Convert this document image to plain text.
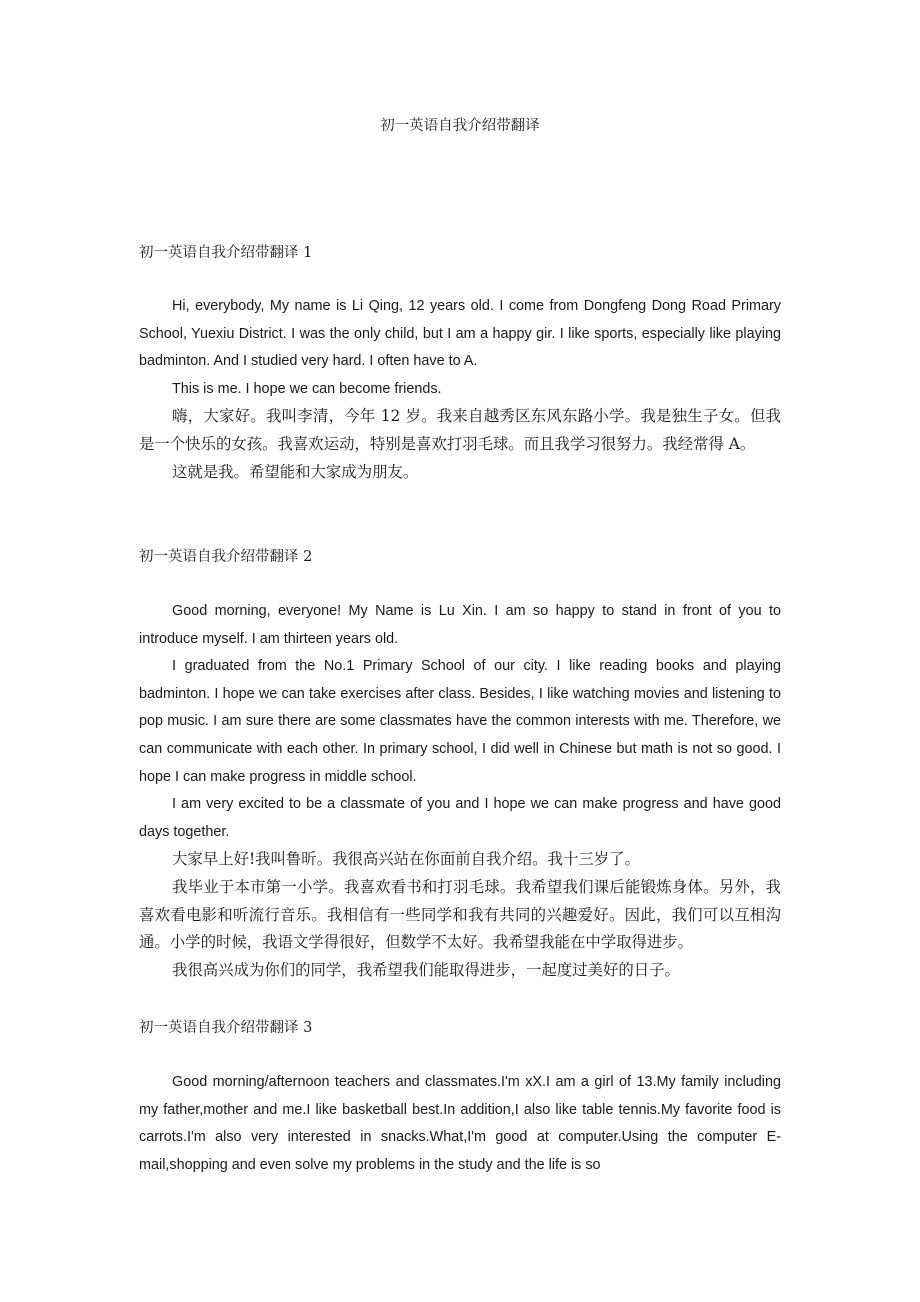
初一英语自我介绍带翻译
初一英语自我介绍带翻译 1

Hi, everybody, My name is Li Qing, 12 years old. I come from Dongfeng Dong Road Primary School, Yuexiu District. I was the only child, but I am a happy gir. I like sports, especially like playing badminton. And I studied very hard. I often have to A.

This is me. I hope we can become friends.

嗨，大家好。我叫李清，今年 12 岁。我来自越秀区东风东路小学。我是独生子女。但我是一个快乐的女孩。我喜欢运动，特别是喜欢打羽毛球。而且我学习很努力。我经常得 A。

这就是我。希望能和大家成为朋友。

初一英语自我介绍带翻译 2

Good morning, everyone! My Name is Lu Xin. I am so happy to stand in front of you to introduce myself. I am thirteen years old.

I graduated from the No.1 Primary School of our city. I like reading books and playing badminton. I hope we can take exercises after class. Besides, I like watching movies and listening to pop music. I am sure there are some classmates have the common interests with me. Therefore, we can communicate with each other. In primary school, I did well in Chinese but math is not so good. I hope I can make progress in middle school.

I am very excited to be a classmate of you and I hope we can make progress and have good days together.

大家早上好!我叫鲁昕。我很高兴站在你面前自我介绍。我十三岁了。

我毕业于本市第一小学。我喜欢看书和打羽毛球。我希望我们课后能锻炼身体。另外，我喜欢看电影和听流行音乐。我相信有一些同学和我有共同的兴趣爱好。因此，我们可以互相沟通。小学的时候，我语文学得很好，但数学不太好。我希望我能在中学取得进步。

我很高兴成为你们的同学，我希望我们能取得进步，一起度过美好的日子。

初一英语自我介绍带翻译 3

Good morning/afternoon teachers and classmates.I'm xX.I am a girl of 13.My family including my father,mother and me.I like basketball best.In addition,I also like table tennis.My favorite food is carrots.I'm also very interested in snacks.What,I'm good at computer.Using the computer E-mail,shopping and even solve my problems in the study and the life is so
